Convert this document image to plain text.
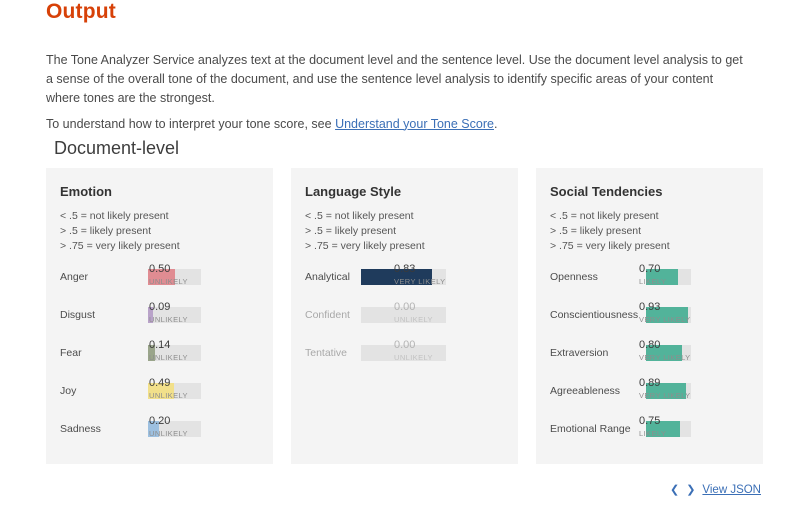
Output

The Tone Analyzer Service analyzes text at the document level and the sentence level. Use the document level analysis to get a sense of the overall tone of the document, and use the sentence level analysis to identify specific areas of your content where tones are the strongest.

To understand how to interpret your tone score, see Understand your Tone Score.

Document-level
Emotion
< .5 = not likely present
> .5 = likely present
> .75 = very likely present
Anger
0.50
UNLIKELY
Disgust
0.09
UNLIKELY
Fear
0.14
UNLIKELY
Joy
0.49
UNLIKELY
Sadness
0.20
UNLIKELY
Language Style
< .5 = not likely present
> .5 = likely present
> .75 = very likely present
Analytical
0.83
VERY LIKELY
Confident
0.00
UNLIKELY
Tentative
0.00
UNLIKELY
Social Tendencies
< .5 = not likely present
> .5 = likely present
> .75 = very likely present
Openness
0.70
LIKELY
Conscientiousness
0.93
VERY LIKELY
Extraversion
0.80
VERY LIKELY
Agreeableness
0.89
VERY LIKELY
Emotional Range
0.75
LIKELY
❮ ❯ View JSON
